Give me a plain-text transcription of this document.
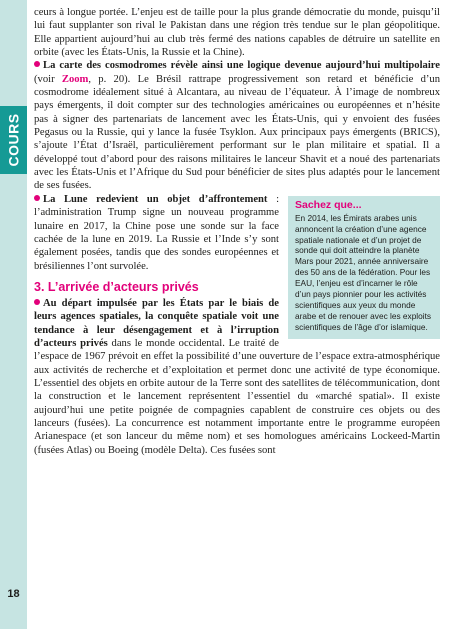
COURS
18

ceurs à longue portée. L’enjeu est de taille pour la plus grande démocratie du monde, puisqu’il lui faut supplanter son rival le Pakistan dans une région très tendue sur le plan géopolitique. Elle appartient aujourd’hui au club très fermé des nations capables de détruire un satellite en orbite (avec les États-Unis, la Russie et la Chine).

La carte des cosmodromes révèle ainsi une logique devenue aujourd’hui multipolaire (voir Zoom, p. 20). Le Brésil rattrape progressivement son retard et bénéficie d’un cosmodrome idéalement situé à Alcantara, au niveau de l’équateur. À l’image de nombreux pays émergents, il doit compter sur des technologies américaines ou européennes et n’hésite pas à signer des partenariats de lancement avec les États-Unis, qui y envoient des fusées Pegasus ou la Russie, qui y lance la fusée Tsyklon. Aux principaux pays émergents (BRICS), s’ajoute l’État d’Israël, particulièrement performant sur le plan militaire et spatial. Il a développé tout d’abord pour des raisons militaires le lanceur Shavit et a noué des partenariats avec les États-Unis et l’Afrique du Sud pour bénéficier de sites plus adaptés pour le lancement de ses fusées.

Sachez que...
En 2014, les Émirats arabes unis annoncent la création d’une agence spatiale nationale et d’un projet de sonde qui doit atteindre la planète Mars pour 2021, année anniversaire des 50 ans de la fédération. Pour les EAU, l’enjeu est d’incarner le rôle d’un pays pionnier pour les activités scientifiques aux yeux du monde arabe et de renouer avec les exploits scientifiques de l’âge d’or islamique.

La Lune redevient un objet d’affrontement : l’administration Trump signe un nouveau programme lunaire en 2017, la Chine pose une sonde sur la face cachée de la lune en 2019. La Russie et l’Inde s’y sont également posées, tandis que des sondes européennes et brésiliennes l’ont survolée.

3. L’arrivée d’acteurs privés

Au départ impulsée par les États par le biais de leurs agences spatiales, la conquête spatiale voit une tendance à leur désengagement et à l’irruption d’acteurs privés dans le monde occidental. Le traité de l’espace de 1967 prévoit en effet la possibilité d’une ouverture de l’espace extra-atmosphérique aux activités de recherche et d’exploitation et permet donc une activité de type économique. L’essentiel des objets en orbite autour de la Terre sont des satellites de télécommunication, dont la construction et le lancement représentent l’essentiel du «marché spatial». Il existe aujourd’hui une petite poignée de compagnies capablent de construire ces objets ou des lanceurs (fusées). La concurrence est notamment importante entre le programme européen Arianespace (et son lanceur du même nom) et ses homologues américains Lockeed-Martin (fusées Atlas) ou Boeing (modèle Delta). Ces fusées sont
